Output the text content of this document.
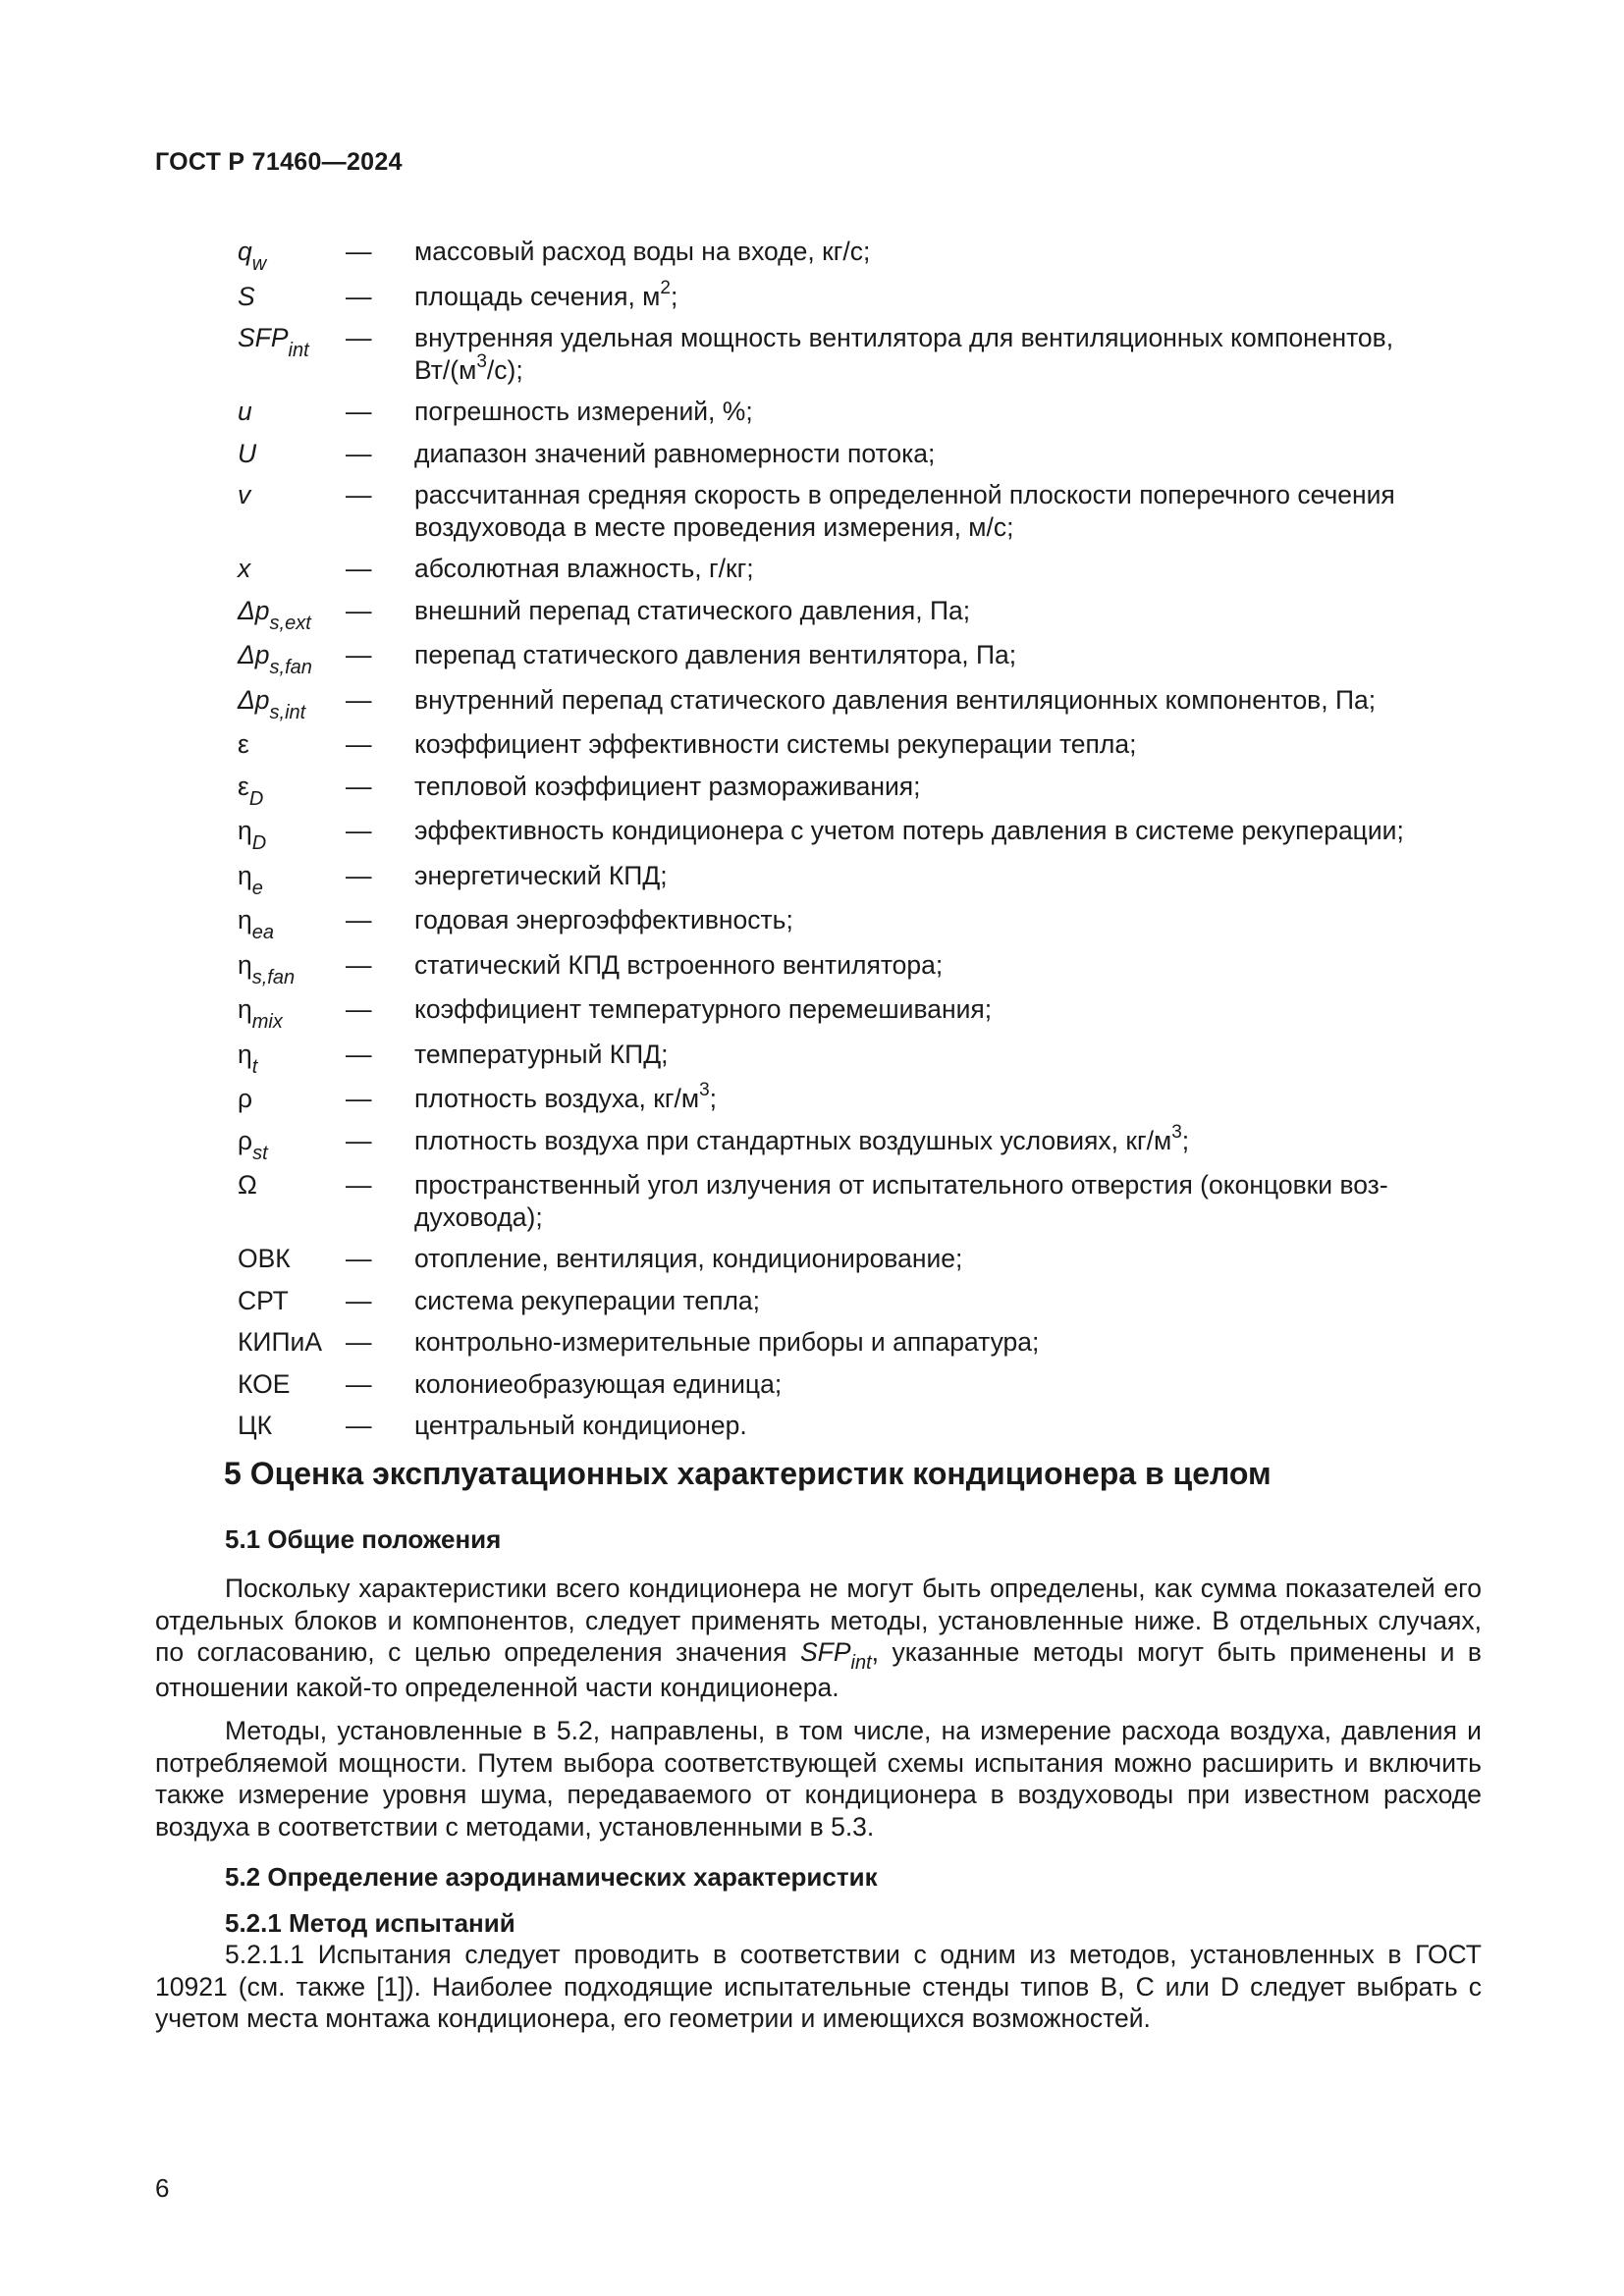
ГОСТ Р 71460—2024
$q_w$	—	массовый расход воды на входе, кг/с;
S	—	площадь сечения, $м^2$;
$SFP_{int}$	—	внутренняя удельная мощность вентилятора для вентиляционных компонентов,
$Вт/(м^3/с)$;
u	—	погрешность измерений, %;
U	—	диапазон значений равномерности потока;
v	—	рассчитанная средняя скорость в определенной плоскости поперечного сечения
воздуховода в месте проведения измерения, м/с;
x	—	абсолютная влажность, г/кг;
$\Delta p_{s,ext}$	—	внешний перепад статического давления, Па;
$\Delta p_{s,fan}$	—	перепад статического давления вентилятора, Па;
$\Delta p_{s,int}$	—	внутренний перепад статического давления вентиляционных компонентов, Па;
ε	—	коэффициент эффективности системы рекуперации тепла;
$\varepsilon_D$	—	тепловой коэффициент размораживания;
$\eta_D$	—	эффективность кондиционера с учетом потерь давления в системе рекуперации;
$\eta_e$	—	энергетический КПД;
$\eta_{ea}$	—	годовая энергоэффективность;
$\eta_{s,fan}$	—	статический КПД встроенного вентилятора;
$\eta_{mix}$	—	коэффициент температурного перемешивания;
$\eta_t$	—	температурный КПД;
ρ	—	плотность воздуха, $кг/м^3$;
$\rho_{st}$	—	плотность воздуха при стандартных воздушных условиях, $кг/м^3$;
Ω	—	пространственный угол излучения от испытательного отверстия (оконцовки воз-
духовода);
ОВК	—	отопление, вентиляция, кондиционирование;
СРТ	—	система рекуперации тепла;
КИПиА —	контрольно-измерительные приборы и аппаратура;
КОЕ	—	колониеобразующая единица;
ЦК	—	центральный кондиционер.
5 Оценка эксплуатационных характеристик кондиционера в целом
5.1 Общие положения
Поскольку характеристики всего кондиционера не могут быть определены, как сумма показателей его отдельных блоков и компонентов, следует применять методы, установленные ниже. В отдельных случаях, по согласованию, с целью определения значения $SFP_{int}$, указанные методы могут быть применены и в отношении какой-то определенной части кондиционера.
Методы, установленные в 5.2, направлены, в том числе, на измерение расхода воздуха, давления и потребляемой мощности. Путем выбора соответствующей схемы испытания можно расширить и включить также измерение уровня шума, передаваемого от кондиционера в воздуховоды при известном расходе воздуха в соответствии с методами, установленными в 5.3.
5.2 Определение аэродинамических характеристик
5.2.1 Метод испытаний
5.2.1.1 Испытания следует проводить в соответствии с одним из методов, установленных в ГОСТ 10921 (см. также [1]). Наиболее подходящие испытательные стенды типов B, C или D следует выбрать с учетом места монтажа кондиционера, его геометрии и имеющихся возможностей.
6
